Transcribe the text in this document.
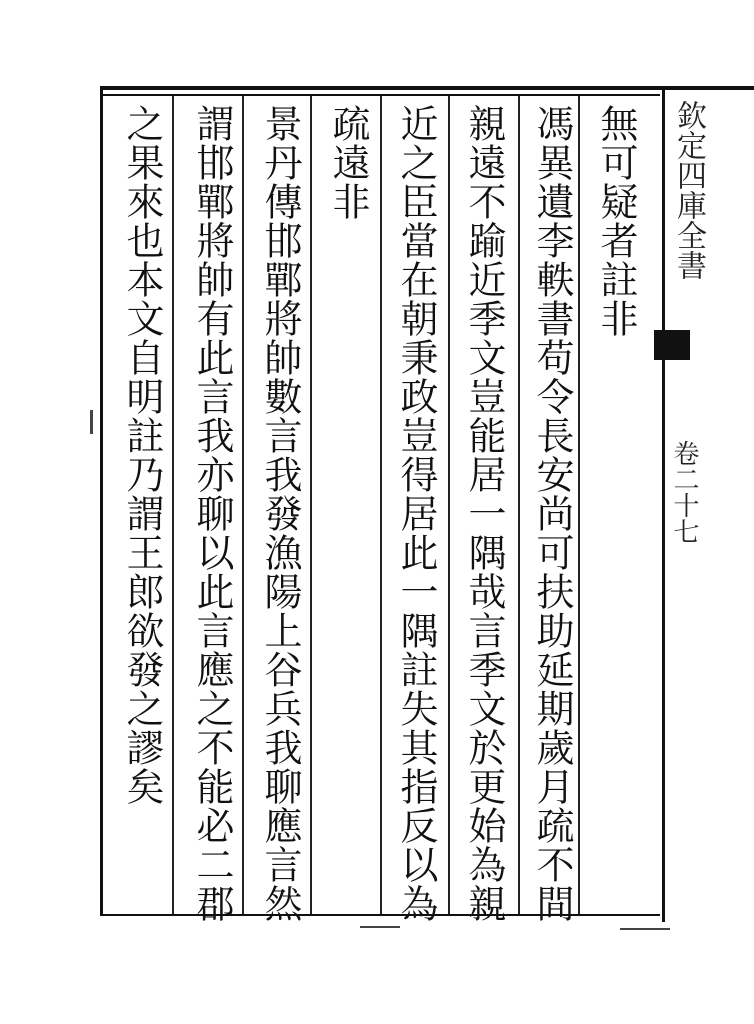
欽定四庫全書
卷二十七
無可疑者註非
馮異遺李軼書苟令長安尚可扶助延期歲月疏不間
親遠不踰近季文豈能居一隅哉言季文於更始為親
近之臣當在朝秉政豈得居此一隅註失其指反以為
疏遠非
景丹傳邯鄲將帥數言我發漁陽上谷兵我聊應言然
謂邯鄲將帥有此言我亦聊以此言應之不能必二郡
之果來也本文自明註乃謂王郎欲發之謬矣
